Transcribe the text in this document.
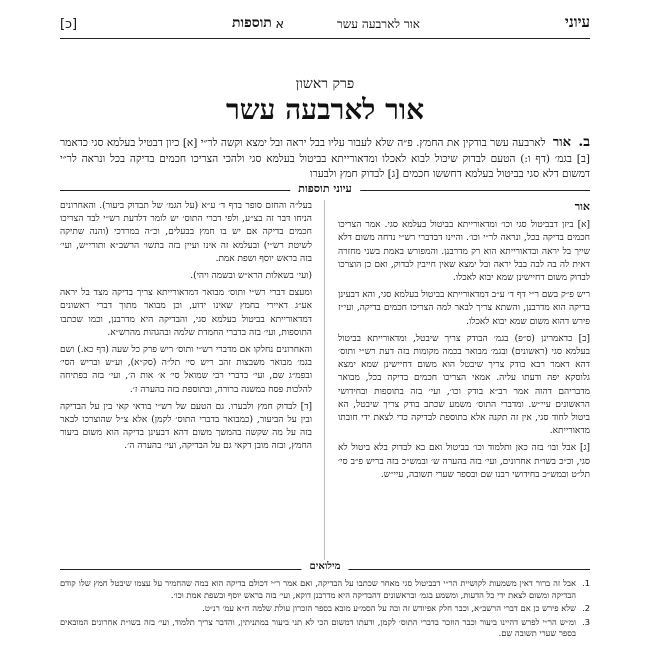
עיוני
אור לארבעה עשר
תוספות א                                                [כ]
פרק ראשון
אור לארבעה עשר
ב. אור לארבעה עשר בודקין את החמץ. פ״ה שלא לעבור עליו בבל יראה ובל ימצא וקשה לר״י [א] כיון דבטיל בעלמא סגי כדאמר [ב] בגמ׳ (דף ו:) הטעם לבדוק שיכול לבוא לאכלו ומדאורייתא בביטול בעלמא סגי ולהכי הצריכו חכמים בדיקה בכל ונראה לר״י דמשום דלא סגי בביטול בעלמא דחששו חכמים [ג] לבדוק חמץ ולבערו
עיוני תוספות

אור

[א] ביזן דבביטול סגי וכו׳ ומדאורייתא בביטול בעלמא סגי. אמר הצריכו חכמים בדיקה בכל, ונראה לר״י וכו׳. והיינו דבדברי רש״י נדחה משום דלא שייך בל יראה ובדאורייתא הוא רק מדרבנן. והמפורש באמת בשני מחזרה דאית לה בה לבה בבל יראה ובל ימצא שאין חייבין לבדוק, ואם כן הוצרכו לבדוק משום דחיישינן שמא יבוא לאכלו.

ריש פ״ק בשם ר״י דף ד׳ ע״ב דמדאורייתא בביטול בעלמא סגי, והא דבעינן בדיקה הוא מדרבנן, והשתא צריך לבאר למה הצריכו חכמים בדיקה, ועי״ז פירש דהוא משום שמא יבוא לאכלו.

[ב] כדאמרינן (ס״פ) בגמ׳ הבודק צריך שיבטל, ומדאורייתא בביטול בעלמא סגי (ראשונים) ובגמ׳ מבואר בכמה מקומות בזה דעת רש״י ותוס׳ דהא דאמר רבא בודק צריך שיבטל הוא משום דחיישינן שמא ימצא גלוסקא יפה ודעתו עליה. אמאי הצריכו חכמים בדיקה בכל, מבואר מדבריהם דהוה אמר רב״א בודק וכו׳, ועי׳ בזה בתוספות ובחידושי הראשונים עיי״ש. ומדברי התוס׳ משמע שכתב בודק צריך שיבטל, הא ביטול לחוד סגי, אין זה תקנה אלא בתוספת לבדיקה כדי לצאת ידי חובתו מדאורייתא.

[ג] אבל ובו׳ בזה כאן ותלמוד וכו׳ בביטול ואם בא לבדוק בלא ביטול לא סגי, וכ״כ בשו״ת אחרונים, ועי׳ בזה בהערה ש׳ ובמש״כ בזה בריש פ״ב סי׳ תל״ט ובמש״כ בחידושי רבנו שם ובספר שערי תשובה, עיי״ש.

בעל״ה והחזם סופר בדף ד׳ ע״א (על הגמ׳ של תבדוק ביעור). והאחרונים הניחו דבר זה בצ״ע, ולפי דברי התוס׳ יש לומר דלדעת רש״י לבד הצריכו חכמים בדיקה אם יש בו חמץ בבעלים, וכ״ה במרדכי (והנה שתיקה לשיטת רש״י) ובעלמא זה אינו ועיין בזה בתשו׳ הרשב״א ותורי״ש, ועי׳ בזה בראש יוסף ושפת אמת.

(ועי׳ בשאלות הרא״ש ובשמה ויהי).

ומעצם דברי רש״י ותוס׳ מבואר דמדאורייתא צריך בדיקה מצד בל יראה אע״ג דאיירי בחמץ שאינו ידוע, וכן מבואר מתוך דברי ראשונים דמדאורייתא בביטול בעלמא סגי, והבדיקה היא מדרבנן, וכמו שכתבו התוספות, ועי׳ בזה בדברי החמדת שלמה ובהגהות מהרש״א.

והאחרונים נחלקו אם מדברי רש״י ותוס׳ ריש פרק כל שעה (דף כא.) ושם בגמ׳ מבואר משבצות זהב ריש סי׳ תל״ה (סק״א), וע״ש ובריש הסי׳ ובפמ״ג שם, ועי׳ בדברי רבי שמואל סי׳ א׳ אות ה׳, ועי׳ בזה בפתיחה להלכות פסח במשנה ברורה, ובתוספת בזה בהערה ז׳.

[ד] לבדוק חמץ ולבערו. גם הטעם של רש״י בודאי קאי בין על הבדיקה ובין על הביעור, (כמבואר בדברי התוס׳ לקמן) אלא צ״ל שהוצרכו לבאר בזה על מה שקשה בהמשך משום דהא דבעינן בדיקה הוא משום ביעור החמץ, ובזה מובן דקאי גם על הבדיקה, ועי׳ בהערה ה׳.

מילואים
1.
אבל זה ברור דאין משמעות לקושיית הר״י דבביטול סגי מאחר שכתבו על הבדיקה, ואם אמר ר״י דכולם בדיקה הוא במה שהחמיר על עצמו שיבטל חמץ שלו קודם הבדיקה ומשום לצאת ידי כל הדעות, ומשמע בגמ׳ ובראשונים דהבדיקה היא מדרבנן דוקא, ועי׳ בזה בראש יוסף ובשפת אמת וכו׳.
2.
שלא פירש כן אם דברי הרשב״א, וכבר חלק אפיודש זה ובה על הסמ״ע מובא בספר הזכרון עולת שלמה ח״א עמ׳ רנ״ט.
3.
ומ״ש הר״י לפרש דהיינו ביעור וכבר הוזכר בדברי התוס׳ לקמן, ודעתו דמשום הכי לא תני ביעור במתניתין, והדבר צריך תלמוד, ועי׳ בזה בשו״ת אחרונים המובאים בספר שערי תשובה שם.
